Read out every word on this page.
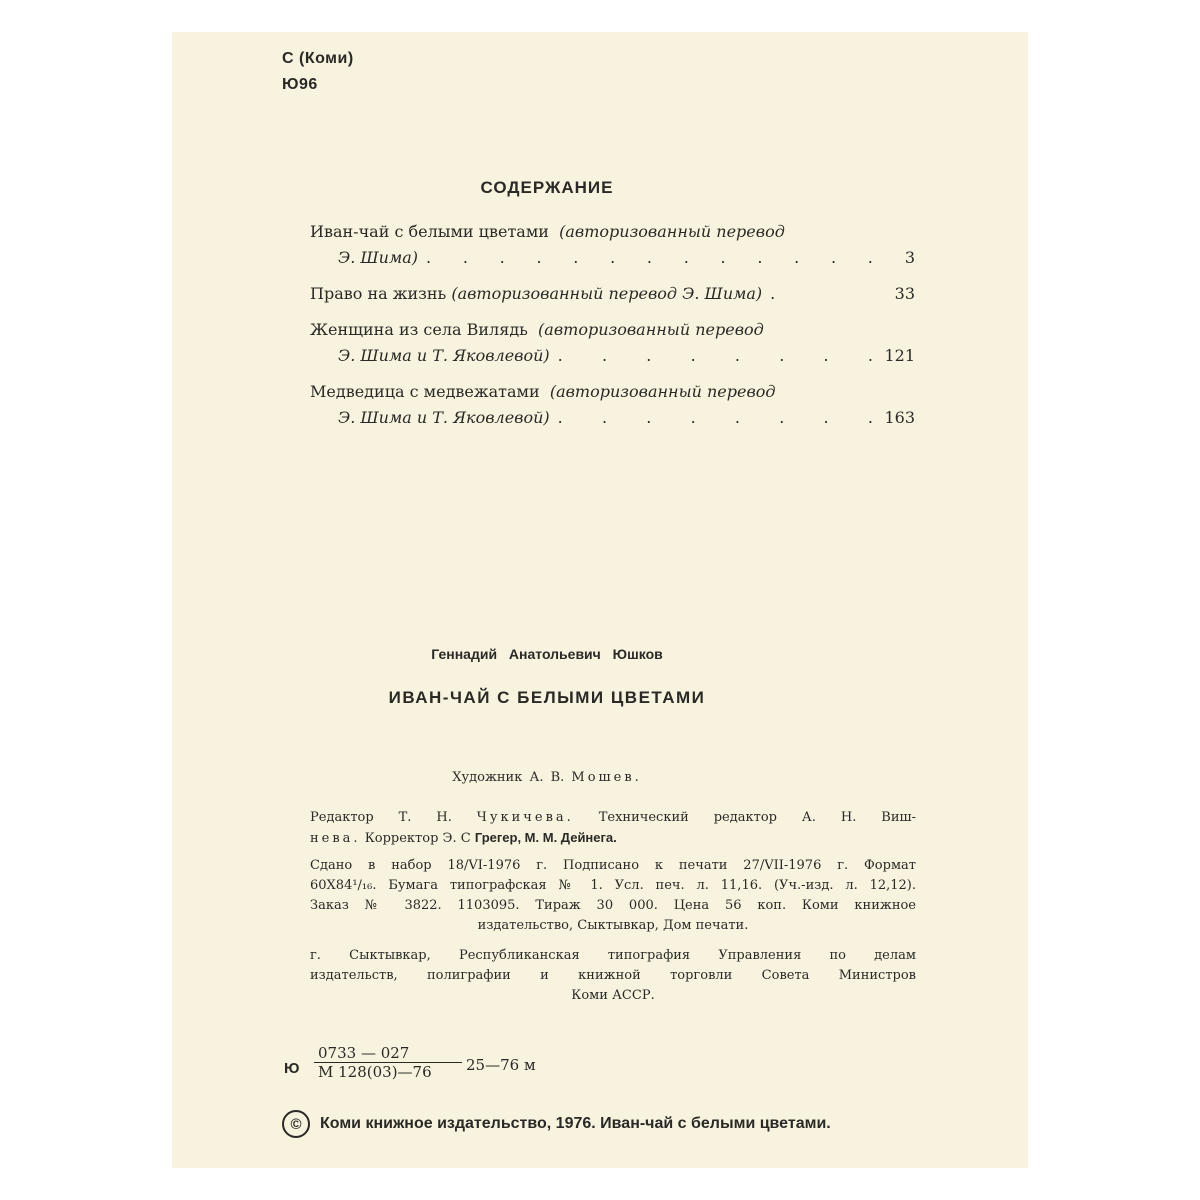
С (Коми)
Ю96
СОДЕРЖАНИЕ
Иван-чай с белыми цветами
(авторизованный перевод
Э. Шима) . . . . . . . . . . . . .	3
Право на жизнь
(авторизованный перевод Э. Шима) .	33
Женщина из села Вилядь
(авторизованный перевод
Э. Шима и Т. Яковлевой) . . . . . . . . 121
Медведица с медвежатами
(авторизованный перевод
Э. Шима и Т. Яковлевой) . . . . . . . . 163
Геннадий Анатольевич Юшков
ИВАН-ЧАЙ С БЕЛЫМИ ЦВЕТАМИ
Художник А. В. Мошев.
Редактор Т. Н. Чукичева. Технический редактор А. Н. Виш-
нева. Корректор Э. С Грегер, М. М. Дейнега.
Сдано в набор 18/VI-1976 г. Подписано к печати 27/VII-1976 г. Формат
60Х84¹/₁₆. Бумага типографская № 1. Усл. печ. л. 11,16. (Уч.-изд. л. 12,12).
Заказ № 3822. 1103095. Тираж 30 000. Цена 56 коп. Коми книжное
издательство, Сыктывкар, Дом печати.
г. Сыктывкар, Республиканская типография Управления по делам
издательств, полиграфии и книжной торговли Совета Министров
Коми АССР.
Ю
0733 — 027
М 128(03)—76	25—76 м
©	Коми книжное издательство, 1976. Иван-чай с белыми цветами.
